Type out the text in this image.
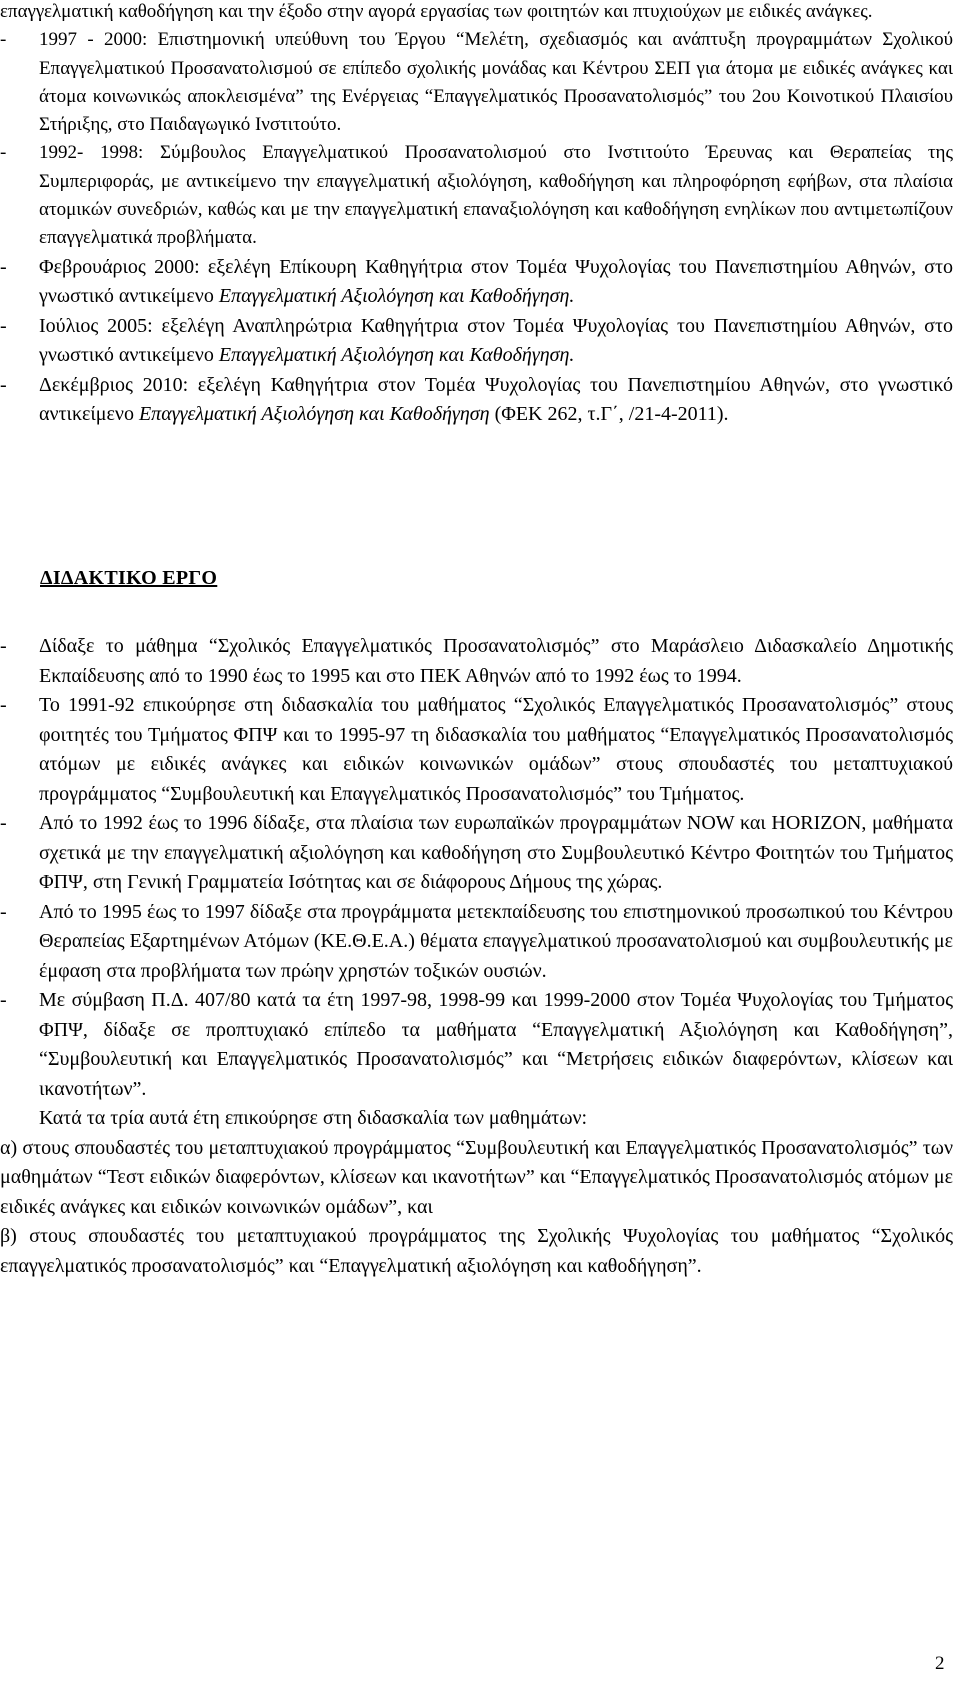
επαγγελματική καθοδήγηση και την έξοδο στην αγορά εργασίας των φοιτητών και πτυχιούχων με ειδικές ανάγκες.
- 1997 - 2000: Επιστημονική υπεύθυνη του Έργου “Μελέτη, σχεδιασμός και ανάπτυξη προγραμμάτων Σχολικού Επαγγελματικού Προσανατολισμού σε επίπεδο σχολικής μονάδας και Κέντρου ΣΕΠ για άτομα με ειδικές ανάγκες και άτομα κοινωνικώς αποκλεισμένα” της Ενέργειας “Επαγγελματικός Προσανατολισμός” του 2ου Κοινοτικού Πλαισίου Στήριξης, στο Παιδαγωγικό Ινστιτούτο.
- 1992- 1998: Σύμβουλος Επαγγελματικού Προσανατολισμού στο Ινστιτούτο Έρευνας και Θεραπείας της Συμπεριφοράς, με αντικείμενο την επαγγελματική αξιολόγηση, καθοδήγηση και πληροφόρηση εφήβων, στα πλαίσια ατομικών συνεδριών, καθώς και με την επαγγελματική επαναξιολόγηση και καθοδήγηση ενηλίκων που αντιμετωπίζουν επαγγελματικά προβλήματα.
- Φεβρουάριος 2000: εξελέγη Επίκουρη Καθηγήτρια στον Τομέα Ψυχολογίας του Πανεπιστημίου Αθηνών, στο γνωστικό αντικείμενο Επαγγελματική Αξιολόγηση και Καθοδήγηση.
- Ιούλιος 2005: εξελέγη Αναπληρώτρια Καθηγήτρια στον Τομέα Ψυχολογίας του Πανεπιστημίου Αθηνών, στο γνωστικό αντικείμενο Επαγγελματική Αξιολόγηση και Καθοδήγηση.
- Δεκέμβριος 2010: εξελέγη Καθηγήτρια στον Τομέα Ψυχολογίας του Πανεπιστημίου Αθηνών, στο γνωστικό αντικείμενο Επαγγελματική Αξιολόγηση και Καθοδήγηση (ΦΕΚ 262, τ.Γ΄, /21-4-2011).
ΔΙΔΑΚΤΙΚΟ ΕΡΓΟ
- Δίδαξε το μάθημα “Σχολικός Επαγγελματικός Προσανατολισμός” στο Μαράσλειο Διδασκαλείο Δημοτικής Εκπαίδευσης από το 1990 έως το 1995 και στο ΠΕΚ Αθηνών από το 1992 έως το 1994.
- Το 1991-92 επικούρησε στη διδασκαλία του μαθήματος “Σχολικός Επαγγελματικός Προσανατολισμός” στους φοιτητές του Τμήματος ΦΠΨ και το 1995-97 τη διδασκαλία του μαθήματος “Επαγγελματικός Προσανατολισμός ατόμων με ειδικές ανάγκες και ειδικών κοινωνικών ομάδων” στους σπουδαστές του μεταπτυχιακού προγράμματος “Συμβουλευτική και Επαγγελματικός Προσανατολισμός” του Τμήματος.
- Από το 1992 έως το 1996 δίδαξε, στα πλαίσια των ευρωπαϊκών προγραμμάτων NOW και HORIZON, μαθήματα σχετικά με την επαγγελματική αξιολόγηση και καθοδήγηση στο Συμβουλευτικό Κέντρο Φοιτητών του Τμήματος ΦΠΨ, στη Γενική Γραμματεία Ισότητας και σε διάφορους Δήμους της χώρας.
- Από το 1995 έως το 1997 δίδαξε στα προγράμματα μετεκπαίδευσης του επιστημονικού προσωπικού του Κέντρου Θεραπείας Εξαρτημένων Ατόμων (ΚΕ.Θ.Ε.Α.) θέματα επαγγελματικού προσανατολισμού και συμβουλευτικής με έμφαση στα προβλήματα των πρώην χρηστών τοξικών ουσιών.
- Με σύμβαση Π.Δ. 407/80 κατά τα έτη 1997-98, 1998-99 και 1999-2000 στον Τομέα Ψυχολογίας του Τμήματος ΦΠΨ, δίδαξε σε προπτυχιακό επίπεδο τα μαθήματα “Επαγγελματική Αξιολόγηση και Καθοδήγηση”, “Συμβουλευτική και Επαγγελματικός Προσανατολισμός” και “Μετρήσεις ειδικών διαφερόντων, κλίσεων και ικανοτήτων”.
Κατά τα τρία αυτά έτη επικούρησε στη διδασκαλία των μαθημάτων:
α) στους σπουδαστές του μεταπτυχιακού προγράμματος “Συμβουλευτική και Επαγγελματικός Προσανατολισμός” των μαθημάτων “Τεστ ειδικών διαφερόντων, κλίσεων και ικανοτήτων” και “Επαγγελματικός Προσανατολισμός ατόμων με ειδικές ανάγκες και ειδικών κοινωνικών ομάδων”, και
β) στους σπουδαστές του μεταπτυχιακού προγράμματος της Σχολικής Ψυχολογίας του μαθήματος “Σχολικός επαγγελματικός προσανατολισμός” και “Επαγγελματική αξιολόγηση και καθοδήγηση”.
2
